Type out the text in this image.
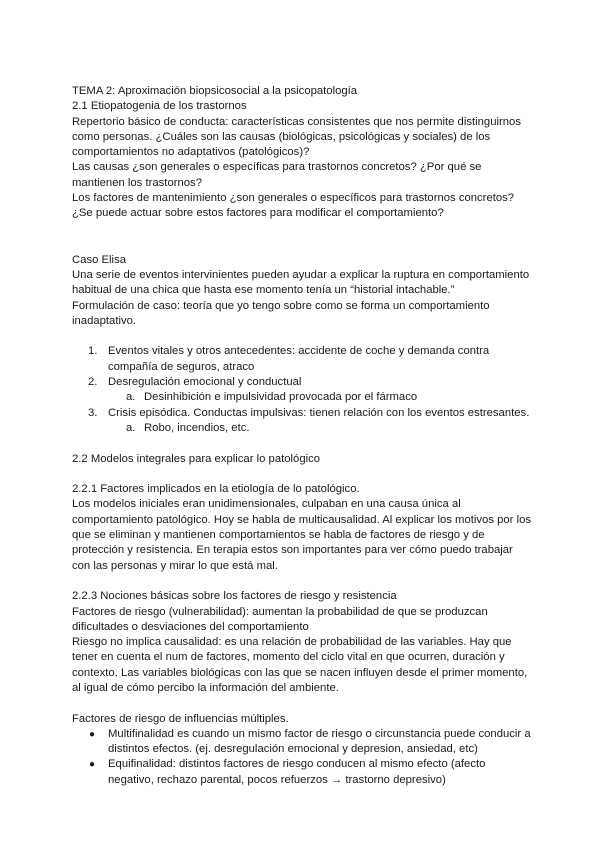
TEMA 2: Aproximación biopsicosocial a la psicopatología

2.1 Etiopatogenia de los trastornos

Repertorio básico de conducta: características consistentes que nos permite distinguirnos como personas. ¿Cuáles son las causas (biológicas, psicológicas y sociales) de los comportamientos no adaptativos (patológicos)?

Las causas ¿son generales o específicas para trastornos concretos? ¿Por qué se mantienen los trastornos?

Los factores de mantenimiento ¿son generales o específicos para trastornos concretos? ¿Se puede actuar sobre estos factores para modificar el comportamiento?

Caso Elisa

Una serie de eventos intervinientes pueden ayudar a explicar la ruptura en comportamiento habitual de una chica que hasta ese momento tenía un “historial intachable.”

Formulación de caso: teoría que yo tengo sobre como se forma un comportamiento inadaptativo.

1. Eventos vitales y otros antecedentes: accidente de coche y demanda contra compañía de seguros, atraco
2. Desregulación emocional y conductual
a. Desinhibición e impulsividad provocada por el fármaco
3. Crisis episódica. Conductas impulsivas: tienen relación con los eventos estresantes.
a. Robo, incendios, etc.

2.2 Modelos integrales para explicar lo patológico

2.2.1 Factores implicados en la etiología de lo patológico.

Los modelos iniciales eran unidimensionales, culpaban en una causa única al comportamiento patológico. Hoy se habla de multicausalidad. Al explicar los motivos por los que se eliminan y mantienen comportamientos se habla de factores de riesgo y de protección y resistencia. En terapia estos son importantes para ver cómo puedo trabajar con las personas y mirar lo que está mal.

2.2.3 Nociones básicas sobre los factores de riesgo y resistencia

Factores de riesgo (vulnerabilidad): aumentan la probabilidad de que se produzcan dificultades o desviaciones del comportamiento

Riesgo no implica causalidad: es una relación de probabilidad de las variables. Hay que tener en cuenta el num de factores, momento del ciclo vital en que ocurren, duración y contexto. Las variables biológicas con las que se nacen influyen desde el primer momento, al igual de cómo percibo la información del ambiente.

Factores de riesgo de influencias múltiples.

● Multifinalidad es cuando un mismo factor de riesgo o circunstancia puede conducir a distintos efectos. (ej. desregulación emocional y depresion, ansiedad, etc)
● Equifinalidad: distintos factores de riesgo conducen al mismo efecto (afecto negativo, rechazo parental, pocos refuerzos → trastorno depresivo)
